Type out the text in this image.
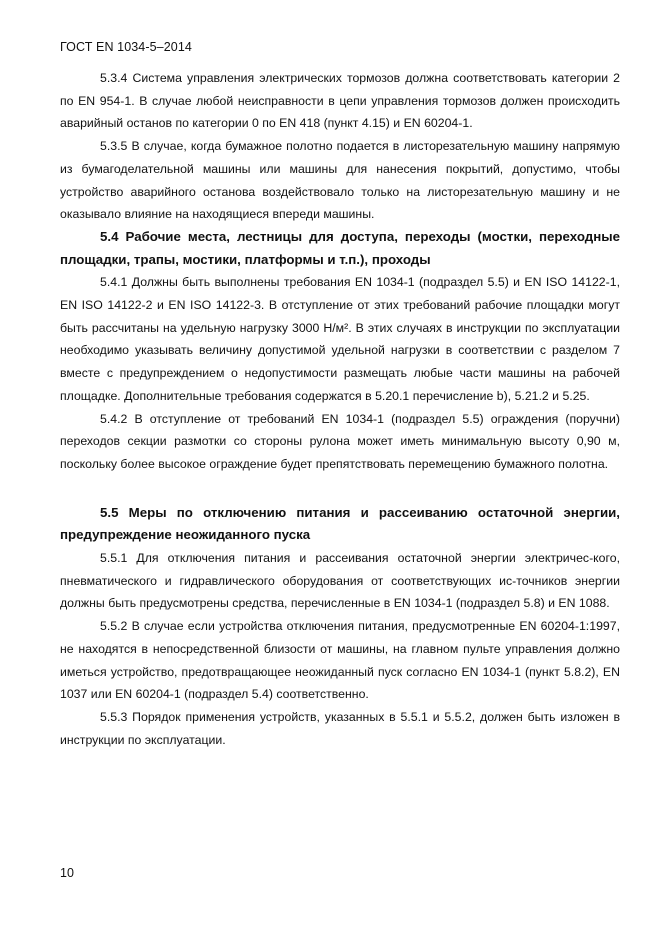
ГОСТ EN 1034-5–2014

5.3.4 Система управления электрических тормозов должна соответствовать категории 2 по EN 954-1. В случае любой неисправности в цепи управления тормозов должен происходить аварийный останов по категории 0 по EN 418 (пункт 4.15) и EN 60204-1.

5.3.5 В случае, когда бумажное полотно подается в листорезательную машину напрямую из бумагоделательной машины или машины для нанесения покрытий, допустимо, чтобы устройство аварийного останова воздействовало только на листорезательную машину и не оказывало влияние на находящиеся впереди машины.

5.4 Рабочие места, лестницы для доступа, переходы (мостки, переходные площадки, трапы, мостики, платформы и т.п.), проходы

5.4.1 Должны быть выполнены требования EN 1034-1 (подраздел 5.5) и EN ISO 14122-1, EN ISO 14122-2 и EN ISO 14122-3. В отступление от этих требований рабочие площадки могут быть рассчитаны на удельную нагрузку 3000 Н/м². В этих случаях в инструкции по эксплуатации необходимо указывать величину допустимой удельной нагрузки в соответствии с разделом 7 вместе с предупреждением о недопустимости размещать любые части машины на рабочей площадке. Дополнительные требования содержатся в 5.20.1 перечисление b), 5.21.2 и 5.25.

5.4.2 В отступление от требований EN 1034-1 (подраздел 5.5) ограждения (поручни) переходов секции размотки со стороны рулона может иметь минимальную высоту 0,90 м, поскольку более высокое ограждение будет препятствовать перемещению бумажного полотна.

5.5 Меры по отключению питания и рассеиванию остаточной энергии, предупреждение неожиданного пуска

5.5.1 Для отключения питания и рассеивания остаточной энергии электричес-кого, пневматического и гидравлического оборудования от соответствующих ис-точников энергии должны быть предусмотрены средства, перечисленные в EN 1034-1 (подраздел 5.8) и EN 1088.

5.5.2 В случае если устройства отключения питания, предусмотренные EN 60204-1:1997, не находятся в непосредственной близости от машины, на главном пульте управления должно иметься устройство, предотвращающее неожиданный пуск согласно EN 1034-1 (пункт 5.8.2), EN 1037 или EN 60204-1 (подраздел 5.4) соответственно.

5.5.3 Порядок применения устройств, указанных в 5.5.1 и 5.5.2, должен быть изложен в инструкции по эксплуатации.

10
